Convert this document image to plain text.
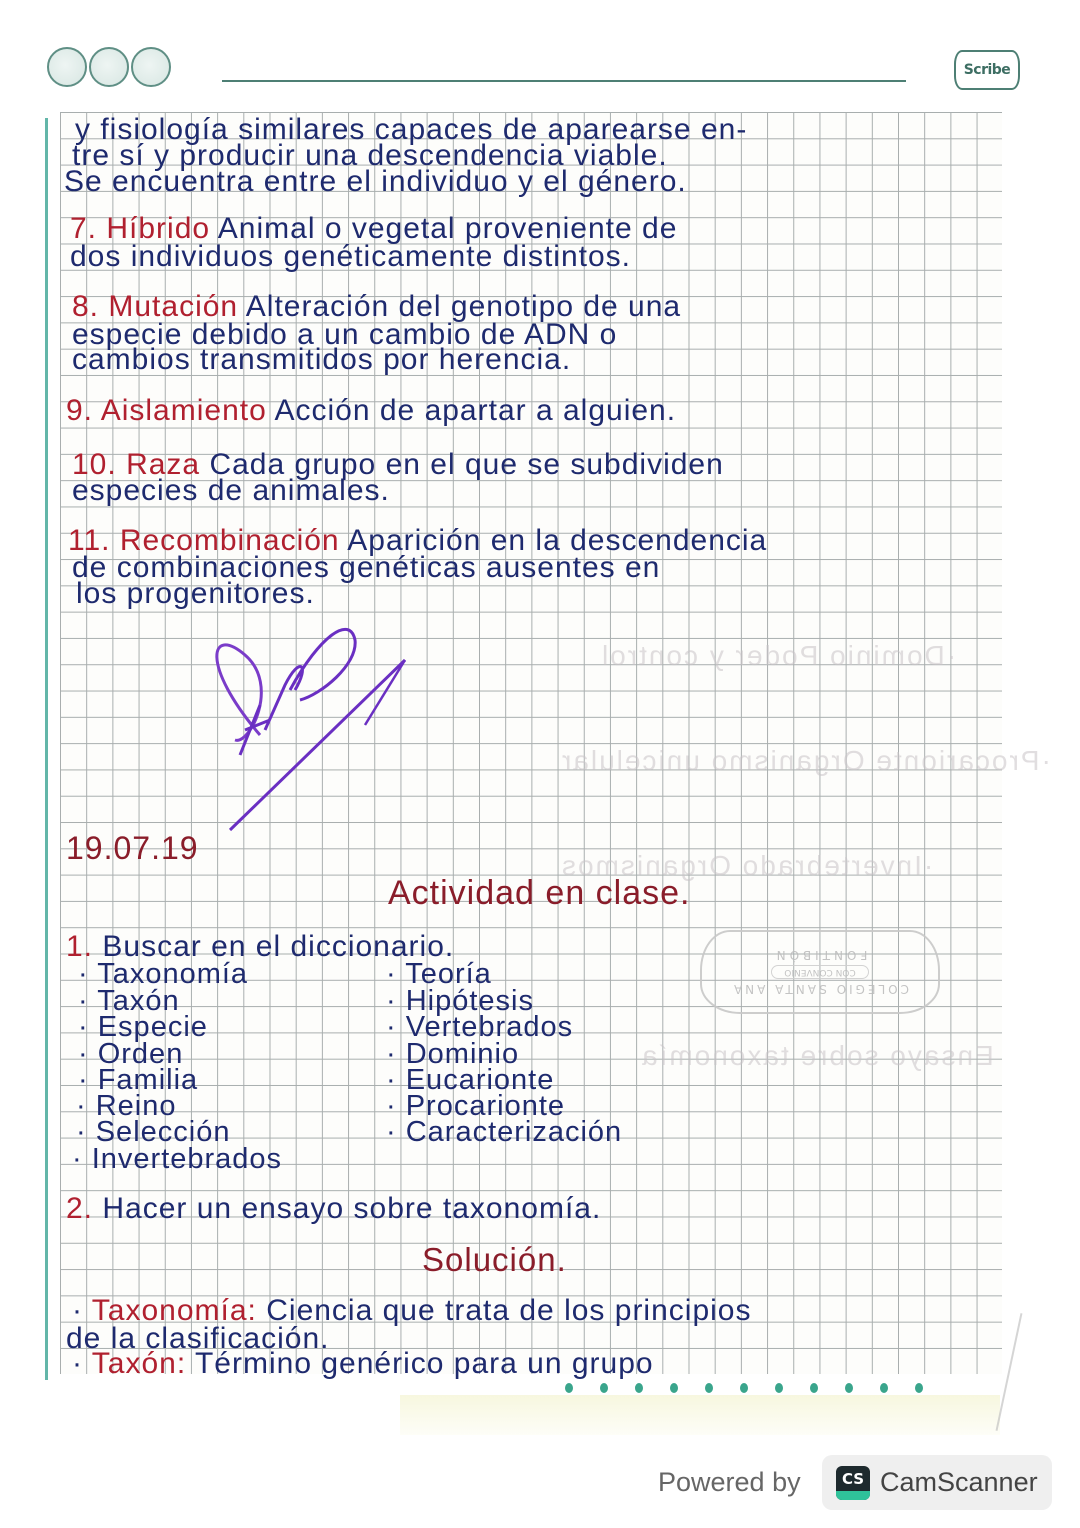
Scribe
·Dominio Poder y control
·Procarionte Organismo unicelular
·Invertebrado Organismos
Ensayo sobre taxonomía
COLEGIO SANTA ANA
CON CONVENIO
FONTIBÓN
y fisiología similares capaces de aparearse en-
tre sí y producir una descendencia viable.
Se encuentra entre el individuo y el género.
7. Híbrido Animal o vegetal proveniente de
dos individuos genéticamente distintos.
8. Mutación Alteración del genotipo de una
especie debido a un cambio de ADN o
cambios transmitidos por herencia.
9. Aislamiento Acción de apartar a alguien.
10. Raza Cada grupo en el que se subdividen
especies de animales.
11. Recombinación Aparición en la descendencia
de combinaciones genéticas ausentes en
los progenitores.
19.07.19
Actividad en clase.
1. Buscar en el diccionario.
· Taxonomía
· Taxón
· Especie
· Orden
· Familia
· Reino
· Selección
· Invertebrados
· Teoría
· Hipótesis
· Vertebrados
· Dominio
· Eucarionte
· Procarionte
· Caracterización
2. Hacer un ensayo sobre taxonomía.
Solución.
· Taxonomía: Ciencia que trata de los principios
de la clasificación.
· Taxón: Término genérico para un grupo
Powered by	CS CamScanner
